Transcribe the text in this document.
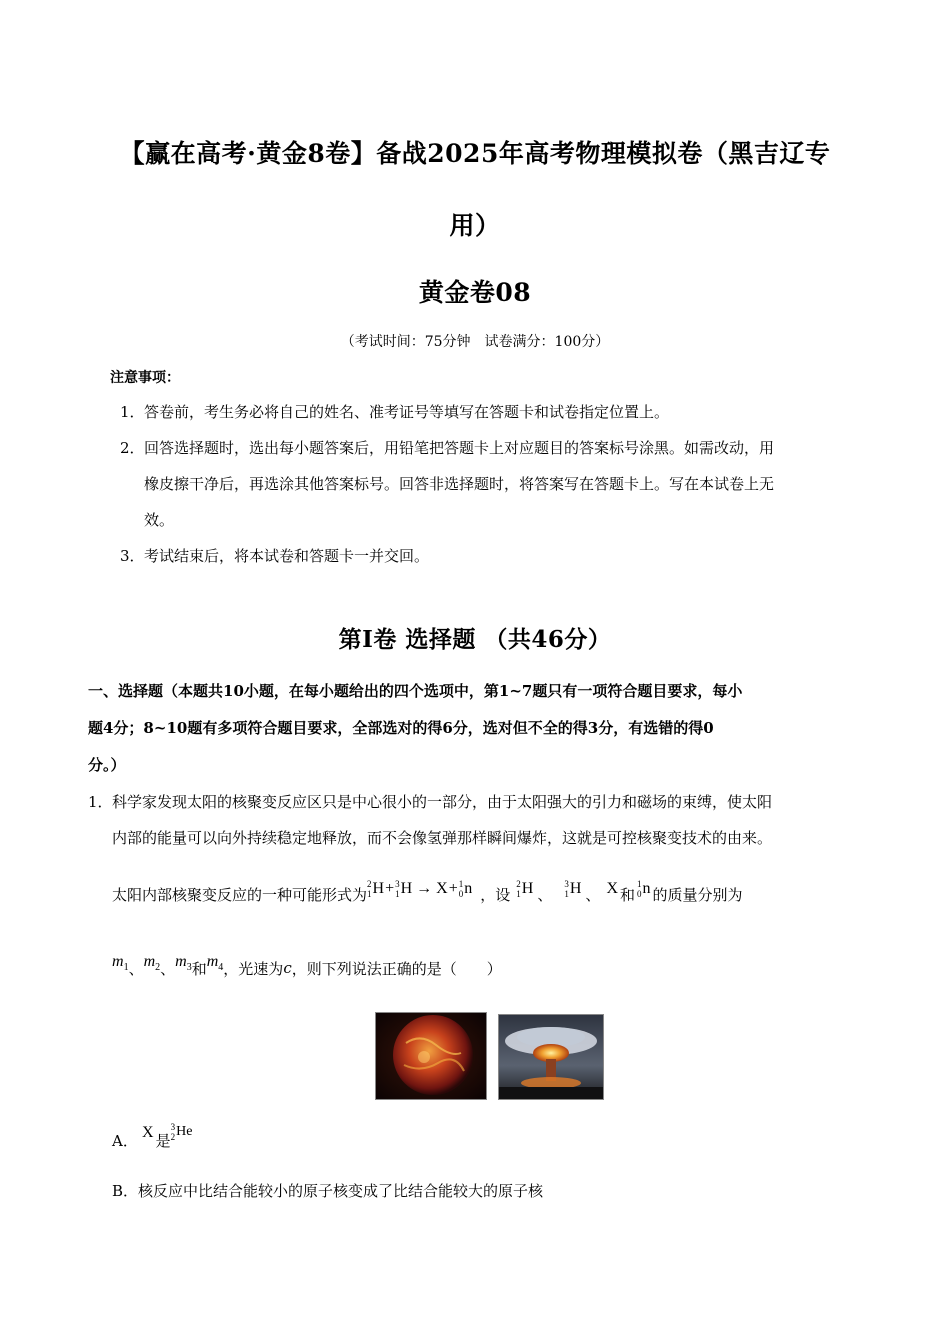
【赢在高考·黄金8卷】备战2025年高考物理模拟卷（黑吉辽专
用）
黄金卷08
（考试时间：75分钟　试卷满分：100分）
注意事项：
1．答卷前，考生务必将自己的姓名、准考证号等填写在答题卡和试卷指定位置上。
2．回答选择题时，选出每小题答案后，用铅笔把答题卡上对应题目的答案标号涂黑。如需改动，用
橡皮擦干净后，再选涂其他答案标号。回答非选择题时，将答案写在答题卡上。写在本试卷上无
效。
3．考试结束后，将本试卷和答题卡一并交回。
第Ⅰ卷 选择题 （共46分）
一、选择题（本题共10小题，在每小题给出的四个选项中，第1~7题只有一项符合题目要求，每小
题4分；8~10题有多项符合题目要求，全部选对的得6分，选对但不全的得3分，有选错的得0
分。）
1．科学家发现太阳的核聚变反应区只是中心很小的一部分，由于太阳强大的引力和磁场的束缚，使太阳
内部的能量可以向外持续稳定地释放，而不会像氢弹那样瞬间爆炸，这就是可控核聚变技术的由来。
太阳内部核聚变反应的一种可能形式为
2
1 H + 3
1 H → X + 1
0 n ，设
2
1 H 、
3
1 H 、 X 和
1
0 n 的质量分别为
$m_1$ 、 $m_2$ 、 $m_3$ 和 $m_4$ ，光速为 c ，则下列说法正确的是（　　）
A． X 是
3
2 He
B．核反应中比结合能较小的原子核变成了比结合能较大的原子核
